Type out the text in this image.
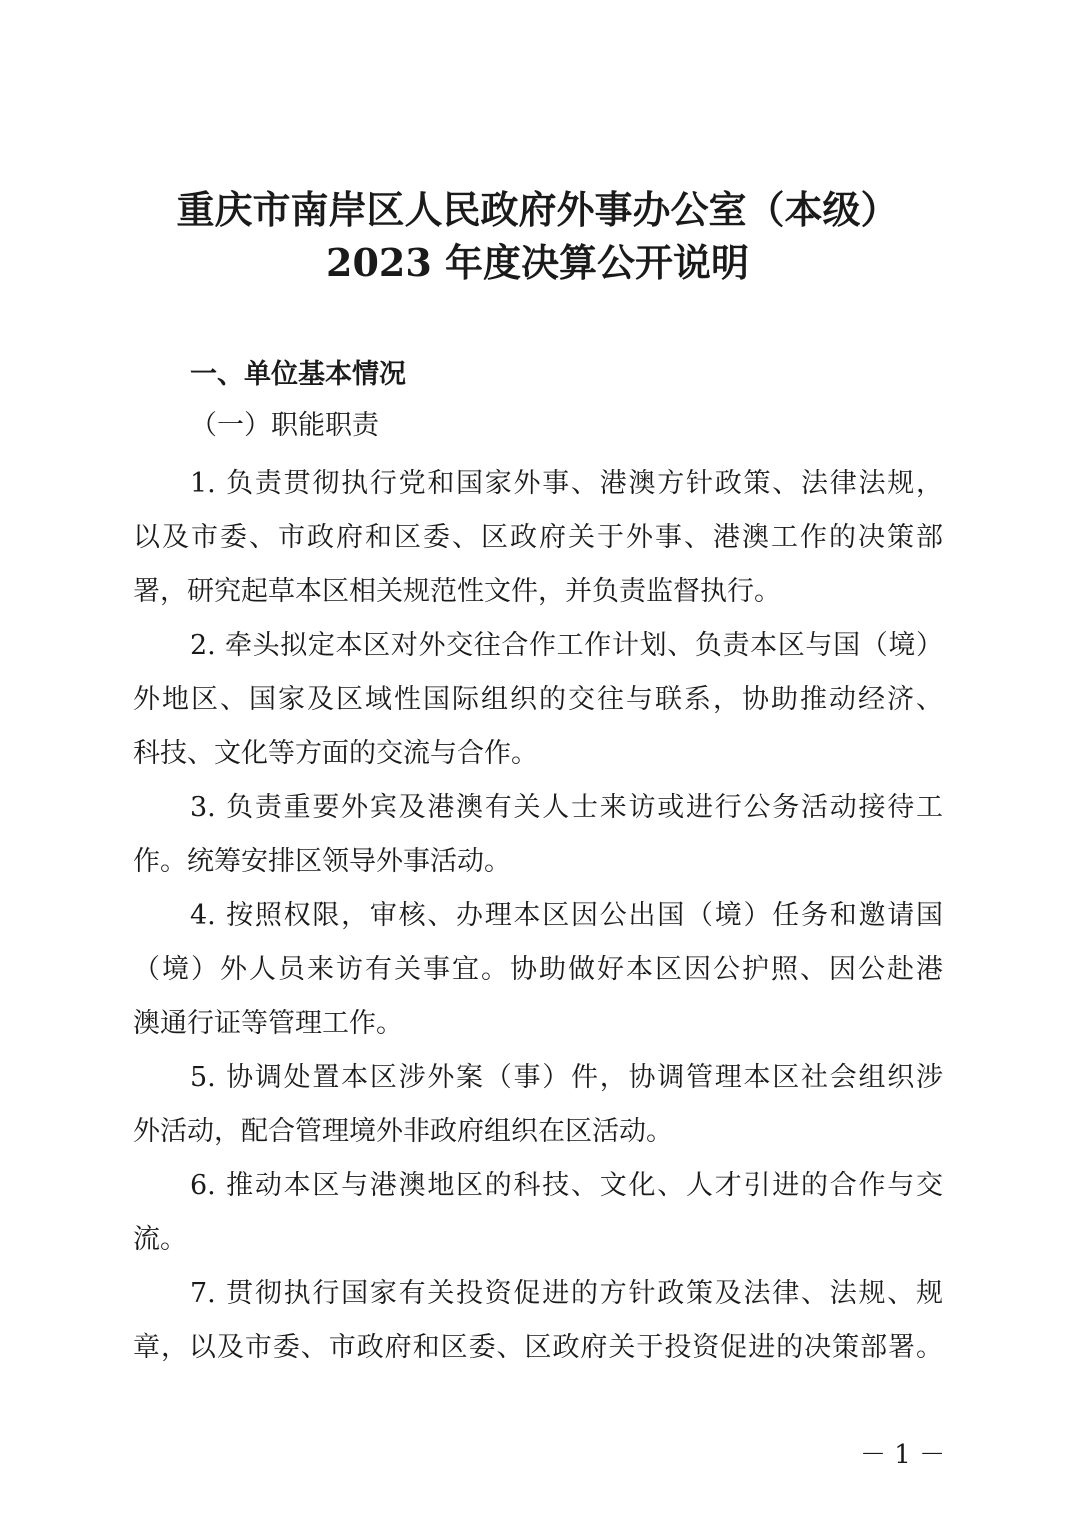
重庆市南岸区人民政府外事办公室（本级）
2023 年度决算公开说明
一、单位基本情况
（一）职能职责
1. 负责贯彻执行党和国家外事、港澳方针政策、法律法规，
以及市委、市政府和区委、区政府关于外事、港澳工作的决策部
署，研究起草本区相关规范性文件，并负责监督执行。
2. 牵头拟定本区对外交往合作工作计划、负责本区与国（境）
外地区、国家及区域性国际组织的交往与联系，协助推动经济、
科技、文化等方面的交流与合作。
3. 负责重要外宾及港澳有关人士来访或进行公务活动接待工
作。统筹安排区领导外事活动。
4. 按照权限，审核、办理本区因公出国（境）任务和邀请国
（境）外人员来访有关事宜。协助做好本区因公护照、因公赴港
澳通行证等管理工作。
5. 协调处置本区涉外案（事）件，协调管理本区社会组织涉
外活动，配合管理境外非政府组织在区活动。
6. 推动本区与港澳地区的科技、文化、人才引进的合作与交
流。
7. 贯彻执行国家有关投资促进的方针政策及法律、法规、规
章，以及市委、市政府和区委、区政府关于投资促进的决策部署。
－ 1 －
